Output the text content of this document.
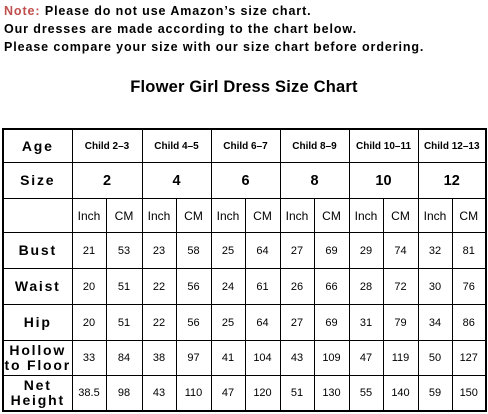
Note: Please do not use Amazon’s size chart.
Our dresses are made according to the chart below.
Please compare your size with our size chart before ordering.
Flower Girl Dress Size Chart
Age	Child 2–3		Child 4–5		Child 6–7		Child 8–9		Child 10–11		Child 12–13	
Size	2		4		6		8		10		12	
	Inch	CM	Inch	CM	Inch	CM	Inch	CM	Inch	CM	Inch	CM
Bust	21	53	23	58	25	64	27	69	29	74	32	81
Waist	20	51	22	56	24	61	26	66	28	72	30	76
Hip	20	51	22	56	25	64	27	69	31	79	34	86
Hollow
to Floor	33	84	38	97	41	104	43	109	47	119	50	127
Net
Height	38.5	98	43	110	47	120	51	130	55	140	59	150
